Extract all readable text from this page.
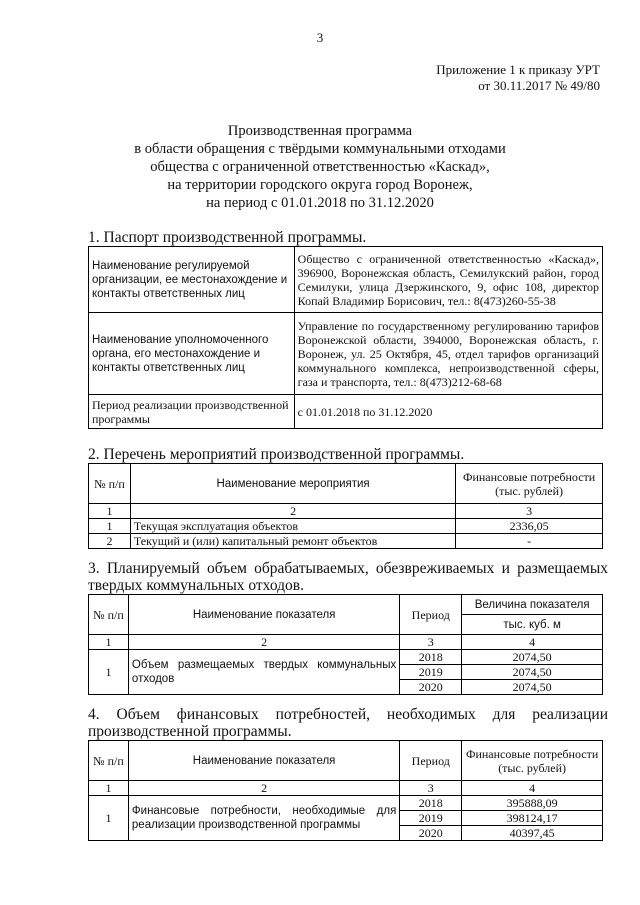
3
Приложение 1 к приказу УРТ
от 30.11.2017 № 49/80
Производственная программа
в области обращения с твёрдыми коммунальными отходами
общества с ограниченной ответственностью «Каскад»,
на территории городского округа город Воронеж,
на период с 01.01.2018 по 31.12.2020
1. Паспорт производственной программы.
Наименование регулируемой организации, ее местонахождение и контакты ответственных лиц	Общество с ограниченной ответственностью «Каскад», 396900, Воронежская область, Семилукский район, город Семилуки, улица Дзержинского, 9, офис 108, директор Копай Владимир Борисович, тел.: 8(473)260-55-38
Наименование уполномоченного органа, его местонахождение и контакты ответственных лиц	Управление по государственному регулированию тарифов Воронежской области, 394000, Воронежская область, г. Воронеж, ул. 25 Октября, 45, отдел тарифов организаций коммунального комплекса, непроизводственной сферы, газа и транспорта, тел.: 8(473)212-68-68
Период реализации производственной программы	с 01.01.2018 по 31.12.2020
2. Перечень мероприятий производственной программы.
№ п/п	Наименование мероприятия	Финансовые потребности (тыс. рублей)
1	2	3
1	Текущая эксплуатация объектов	2336,05
2	Текущий и (или) капитальный ремонт объектов	-
3. Планируемый объем обрабатываемых, обезвреживаемых и размещаемых твердых коммунальных отходов.
№ п/п	Наименование показателя	Период	Величина показателя
			тыс. куб. м
1	2	3	4
1	Объем размещаемых твердых коммунальных отходов	2018	2074,50
		2019	2074,50
		2020	2074,50
4. Объем финансовых потребностей, необходимых для реализации производственной программы.
№ п/п	Наименование показателя	Период	Финансовые потребности (тыс. рублей)
1	2	3	4
1	Финансовые потребности, необходимые для реализации производственной программы	2018	395888,09
		2019	398124,17
		2020	40397,45
